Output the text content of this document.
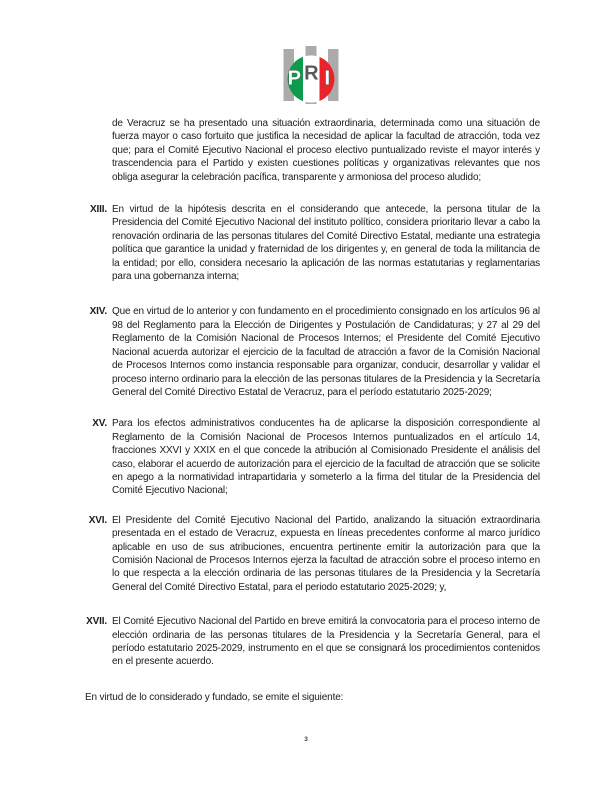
P R I

de Veracruz se ha presentado una situación extraordinaria, determinada como una situación de fuerza mayor o caso fortuito que justifica la necesidad de aplicar la facultad de atracción, toda vez que; para el Comité Ejecutivo Nacional el proceso electivo puntualizado reviste el mayor interés y trascendencia para el Partido y existen cuestiones políticas y organizativas relevantes que nos obliga asegurar la celebración pacífica, transparente y armoniosa del proceso aludido;

XIII. En virtud de la hipótesis descrita en el considerando que antecede, la persona titular de la Presidencia del Comité Ejecutivo Nacional del instituto político, considera prioritario llevar a cabo la renovación ordinaria de las personas titulares del Comité Directivo Estatal, mediante una estrategia política que garantice la unidad y fraternidad de los dirigentes y, en general de toda la militancia de la entidad; por ello, considera necesario la aplicación de las normas estatutarias y reglamentarias para una gobernanza interna;
XIV. Que en virtud de lo anterior y con fundamento en el procedimiento consignado en los artículos 96 al 98 del Reglamento para la Elección de Dirigentes y Postulación de Candidaturas; y 27 al 29 del Reglamento de la Comisión Nacional de Procesos Internos; el Presidente del Comité Ejecutivo Nacional acuerda autorizar el ejercicio de la facultad de atracción a favor de la Comisión Nacional de Procesos Internos como instancia responsable para organizar, conducir, desarrollar y validar el proceso interno ordinario para la elección de las personas titulares de la Presidencia y la Secretaría General del Comité Directivo Estatal de Veracruz, para el período estatutario 2025-2029;
XV. Para los efectos administrativos conducentes ha de aplicarse la disposición correspondiente al Reglamento de la Comisión Nacional de Procesos Internos puntualizados en el artículo 14, fracciones XXVI y XXIX en el que concede la atribución al Comisionado Presidente el análisis del caso, elaborar el acuerdo de autorización para el ejercicio de la facultad de atracción que se solicite en apego a la normatividad intrapartidaria y someterlo a la firma del titular de la Presidencia del Comité Ejecutivo Nacional;
XVI. El Presidente del Comité Ejecutivo Nacional del Partido, analizando la situación extraordinaria presentada en el estado de Veracruz, expuesta en líneas precedentes conforme al marco jurídico aplicable en uso de sus atribuciones, encuentra pertinente emitir la autorización para que la Comisión Nacional de Procesos Internos ejerza la facultad de atracción sobre el proceso interno en lo que respecta a la elección ordinaria de las personas titulares de la Presidencia y la Secretaría General del Comité Directivo Estatal, para el periodo estatutario 2025-2029; y,
XVII. El Comité Ejecutivo Nacional del Partido en breve emitirá la convocatoria para el proceso interno de elección ordinaria de las personas titulares de la Presidencia y la Secretaría General, para el período estatutario 2025-2029, instrumento en el que se consignará los procedimientos contenidos en el presente acuerdo.

En virtud de lo considerado y fundado, se emite el siguiente:

3
